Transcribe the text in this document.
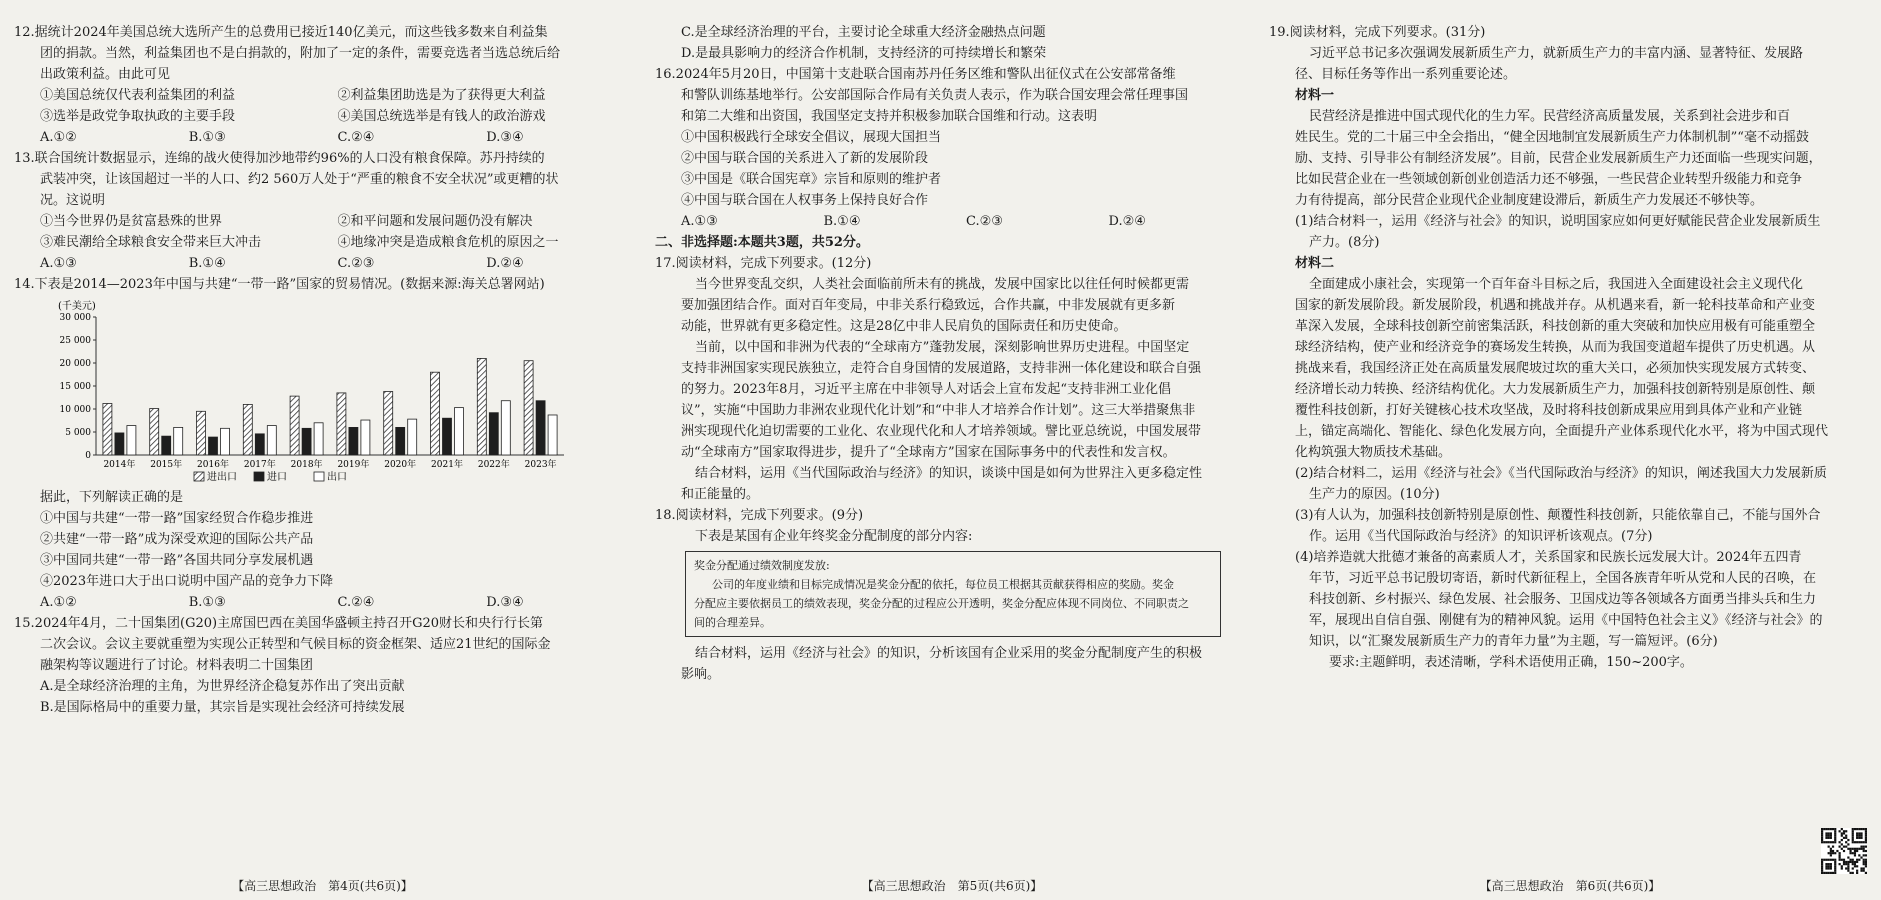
12.据统计2024年美国总统大选所产生的总费用已接近140亿美元，而这些钱多数来自利益集
团的捐款。当然，利益集团也不是白捐款的，附加了一定的条件，需要竞选者当选总统后给
出政策利益。由此可见
①美国总统仅代表利益集团的利益	②利益集团助选是为了获得更大利益
③选举是政党争取执政的主要手段	④美国总统选举是有钱人的政治游戏
A.①②	B.①③	C.②④	D.③④
13.联合国统计数据显示，连绵的战火使得加沙地带约96%的人口没有粮食保障。苏丹持续的
武装冲突，让该国超过一半的人口、约2 560万人处于“严重的粮食不安全状况”或更糟的状
况。这说明
①当今世界仍是贫富悬殊的世界	②和平问题和发展问题仍没有解决
③难民潮给全球粮食安全带来巨大冲击	④地缘冲突是造成粮食危机的原因之一
A.①③	B.①④	C.②③	D.②④
14.下表是2014—2023年中国与共建“一带一路”国家的贸易情况。(数据来源:海关总署网站)
(千美元)
0
5 000
10 000
15 000
20 000
25 000
30 000
2014年 2015年 2016年 2017年 2018年 2019年 2020年 2021年 2022年 2023年
进出口	进口	出口
据此，下列解读正确的是
①中国与共建“一带一路”国家经贸合作稳步推进
②共建“一带一路”成为深受欢迎的国际公共产品
③中国同共建“一带一路”各国共同分享发展机遇
④2023年进口大于出口说明中国产品的竞争力下降
A.①②	B.①③	C.②④	D.③④
15.2024年4月，二十国集团(G20)主席国巴西在美国华盛顿主持召开G20财长和央行行长第
二次会议。会议主要就重塑为实现公正转型和气候目标的资金框架、适应21世纪的国际金
融架构等议题进行了讨论。材料表明二十国集团
A.是全球经济治理的主角，为世界经济企稳复苏作出了突出贡献
B.是国际格局中的重要力量，其宗旨是实现社会经济可持续发展
【高三思想政治　第4页(共6页)】
C.是全球经济治理的平台，主要讨论全球重大经济金融热点问题
D.是最具影响力的经济合作机制，支持经济的可持续增长和繁荣
16.2024年5月20日，中国第十支赴联合国南苏丹任务区维和警队出征仪式在公安部常备维
和警队训练基地举行。公安部国际合作局有关负责人表示，作为联合国安理会常任理事国
和第二大维和出资国，我国坚定支持并积极参加联合国维和行动。这表明
①中国积极践行全球安全倡议，展现大国担当
②中国与联合国的关系进入了新的发展阶段
③中国是《联合国宪章》宗旨和原则的维护者
④中国与联合国在人权事务上保持良好合作
A.①③	B.①④	C.②③	D.②④
二、非选择题:本题共3题，共52分。
17.阅读材料，完成下列要求。(12分)
当今世界变乱交织，人类社会面临前所未有的挑战，发展中国家比以往任何时候都更需
要加强团结合作。面对百年变局，中非关系行稳致远，合作共赢，中非发展就有更多新
动能，世界就有更多稳定性。这是28亿中非人民肩负的国际责任和历史使命。
当前，以中国和非洲为代表的“全球南方”蓬勃发展，深刻影响世界历史进程。中国坚定
支持非洲国家实现民族独立，走符合自身国情的发展道路，支持非洲一体化建设和联合自强
的努力。2023年8月，习近平主席在中非领导人对话会上宣布发起“支持非洲工业化倡
议”，实施“中国助力非洲农业现代化计划”和“中非人才培养合作计划”。这三大举措聚焦非
洲实现现代化迫切需要的工业化、农业现代化和人才培养领域。譬比亚总统说，中国发展带
动“全球南方”国家取得进步，提升了“全球南方”国家在国际事务中的代表性和发言权。
结合材料，运用《当代国际政治与经济》的知识，谈谈中国是如何为世界注入更多稳定性
和正能量的。
18.阅读材料，完成下列要求。(9分)
下表是某国有企业年终奖金分配制度的部分内容:
奖金分配通过绩效制度发放:
公司的年度业绩和目标完成情况是奖金分配的依托，每位员工根据其贡献获得相应的奖励。奖金
分配应主要依据员工的绩效表现，奖金分配的过程应公开透明，奖金分配应体现不同岗位、不同职责之
间的合理差异。
结合材料，运用《经济与社会》的知识，分析该国有企业采用的奖金分配制度产生的积极
影响。
【高三思想政治　第5页(共6页)】
19.阅读材料，完成下列要求。(31分)
习近平总书记多次强调发展新质生产力，就新质生产力的丰富内涵、显著特征、发展路
径、目标任务等作出一系列重要论述。
材料一
民营经济是推进中国式现代化的生力军。民营经济高质量发展，关系到社会进步和百
姓民生。党的二十届三中全会指出，“健全因地制宜发展新质生产力体制机制”“毫不动摇鼓
励、支持、引导非公有制经济发展”。目前，民营企业发展新质生产力还面临一些现实问题，
比如民营企业在一些领域创新创业创造活力还不够强，一些民营企业转型升级能力和竞争
力有待提高，部分民营企业现代企业制度建设滞后，新质生产力发展还不够快等。
(1)结合材料一，运用《经济与社会》的知识，说明国家应如何更好赋能民营企业发展新质生
产力。(8分)
材料二
全面建成小康社会，实现第一个百年奋斗目标之后，我国进入全面建设社会主义现代化
国家的新发展阶段。新发展阶段，机遇和挑战并存。从机遇来看，新一轮科技革命和产业变
革深入发展，全球科技创新空前密集活跃，科技创新的重大突破和加快应用极有可能重塑全
球经济结构，使产业和经济竞争的赛场发生转换，从而为我国变道超车提供了历史机遇。从
挑战来看，我国经济正处在高质量发展爬坡过坎的重大关口，必须加快实现发展方式转变、
经济增长动力转换、经济结构优化。大力发展新质生产力，加强科技创新特别是原创性、颠
覆性科技创新，打好关键核心技术攻坚战，及时将科技创新成果应用到具体产业和产业链
上，锚定高端化、智能化、绿色化发展方向，全面提升产业体系现代化水平，将为中国式现代
化构筑强大物质技术基础。
(2)结合材料二，运用《经济与社会》《当代国际政治与经济》的知识，阐述我国大力发展新质
生产力的原因。(10分)
(3)有人认为，加强科技创新特别是原创性、颠覆性科技创新，只能依靠自己，不能与国外合
作。运用《当代国际政治与经济》的知识评析该观点。(7分)
(4)培养造就大批德才兼备的高素质人才，关系国家和民族长远发展大计。2024年五四青
年节，习近平总书记殷切寄语，新时代新征程上，全国各族青年听从党和人民的召唤，在
科技创新、乡村振兴、绿色发展、社会服务、卫国戍边等各领域各方面勇当排头兵和生力
军，展现出自信自强、刚健有为的精神风貌。运用《中国特色社会主义》《经济与社会》的
知识，以“汇聚发展新质生产力的青年力量”为主题，写一篇短评。(6分)
要求:主题鲜明，表述清晰，学科术语使用正确，150~200字。
【高三思想政治　第6页(共6页)】
